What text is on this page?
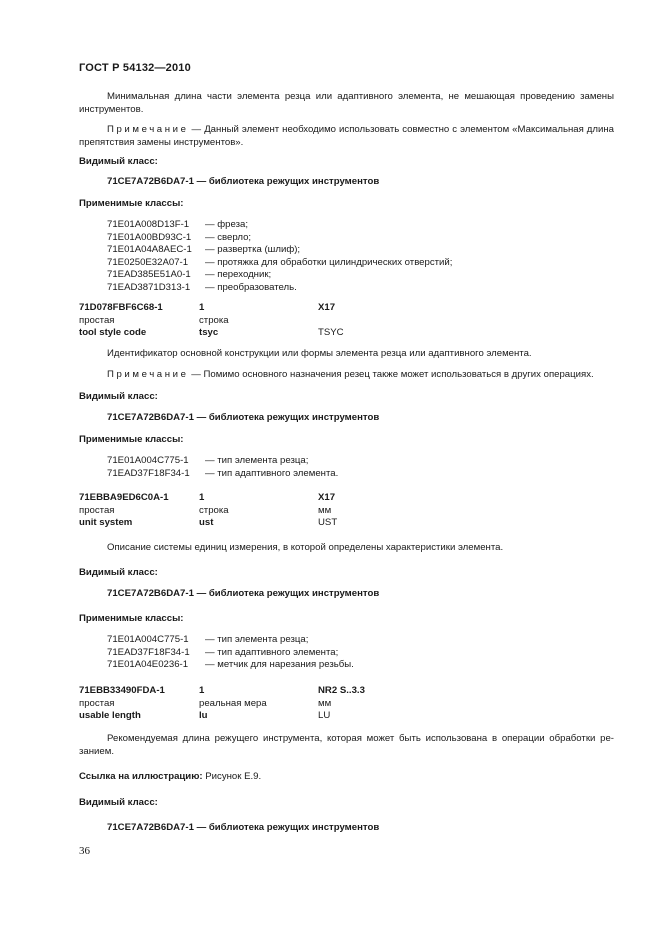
ГОСТ Р 54132—2010
Минимальная длина части элемента резца или адаптивного элемента, не мешающая проведению замены инструментов.
Примечание — Данный элемент необходимо использовать совместно с элементом «Максимальная длина препятствия замены инструментов».
Видимый класс:
71CE7A72B6DA7-1 — библиотека режущих инструментов
Применимые классы:
71E01A008D13F-1 — фреза;
71E01A00BD93C-1 — сверло;
71E01A04A8AEC-1 — развертка (шлиф);
71E0250E32A07-1 — протяжка для обработки цилиндрических отверстий;
71EAD385E51A0-1 — переходник;
71EAD3871D313-1 — преобразователь.
71D078FBF6C68-1	1	X17
простая	строка
tool style code	tsyc	TSYC
Идентификатор основной конструкции или формы элемента резца или адаптивного элемента.
Примечание — Помимо основного назначения резец также может использоваться в других операциях.
Видимый класс:
71CE7A72B6DA7-1 — библиотека режущих инструментов
Применимые классы:
71E01A004C775-1 — тип элемента резца;
71EAD37F18F34-1 — тип адаптивного элемента.
71EBBA9ED6C0A-1	1	X17
простая	строка	мм
unit system	ust	UST
Описание системы единиц измерения, в которой определены характеристики элемента.
Видимый класс:
71CE7A72B6DA7-1 — библиотека режущих инструментов
Применимые классы:
71E01A004C775-1 — тип элемента резца;
71EAD37F18F34-1 — тип адаптивного элемента;
71E01A04E0236-1 — метчик для нарезания резьбы.
71EBB33490FDA-1	1	NR2 S..3.3
простая	реальная мера	мм
usable length	lu	LU
Рекомендуемая длина режущего инструмента, которая может быть использована в операции обработки ре-занием.
Ссылка на иллюстрацию: Рисунок Е.9.
Видимый класс:
71CE7A72B6DA7-1 — библиотека режущих инструментов
36
